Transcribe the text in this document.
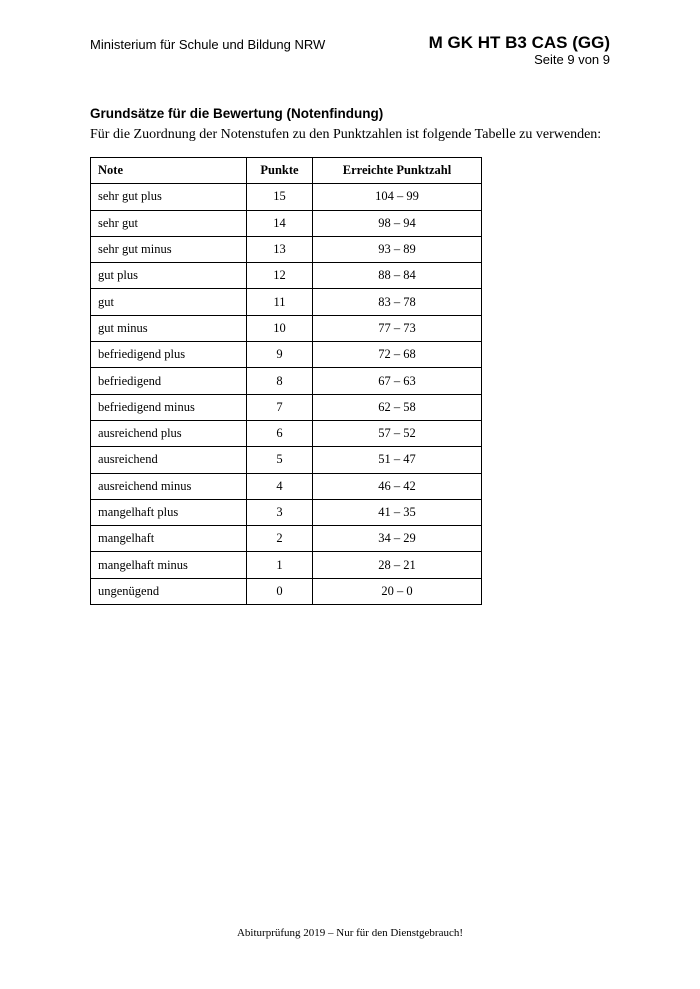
Ministerium für Schule und Bildung NRW	M GK HT B3 CAS (GG)
Seite 9 von 9
Grundsätze für die Bewertung (Notenfindung)
Für die Zuordnung der Notenstufen zu den Punktzahlen ist folgende Tabelle zu verwenden:
Note	Punkte	Erreichte Punktzahl
sehr gut plus	15	104 – 99
sehr gut	14	98 – 94
sehr gut minus	13	93 – 89
gut plus	12	88 – 84
gut	11	83 – 78
gut minus	10	77 – 73
befriedigend plus	9	72 – 68
befriedigend	8	67 – 63
befriedigend minus	7	62 – 58
ausreichend plus	6	57 – 52
ausreichend	5	51 – 47
ausreichend minus	4	46 – 42
mangelhaft plus	3	41 – 35
mangelhaft	2	34 – 29
mangelhaft minus	1	28 – 21
ungenügend	0	20 – 0
Abiturprüfung 2019 – Nur für den Dienstgebrauch!
